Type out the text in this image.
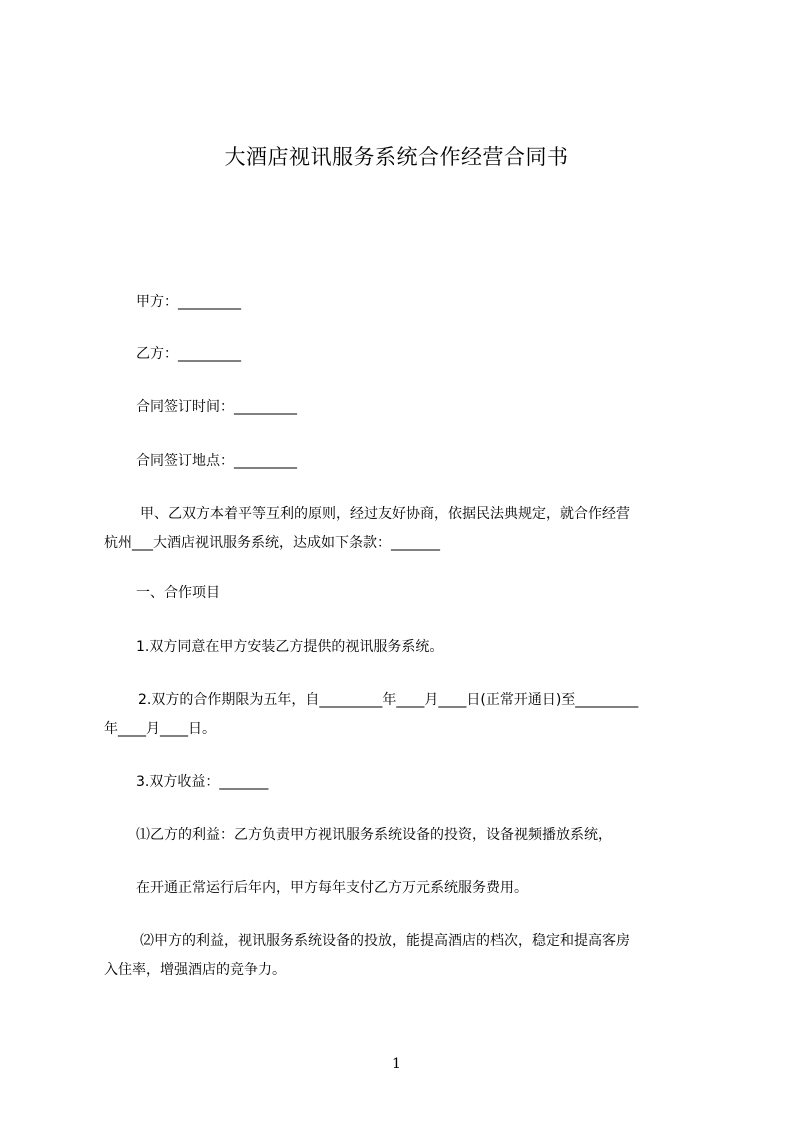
大酒店视讯服务系统合作经营合同书
甲方：_________
乙方：_________
合同签订时间：_________
合同签订地点：_________
甲、乙双方本着平等互利的原则，经过友好协商，依据民法典规定，就合作经营
杭州___大酒店视讯服务系统，达成如下条款：_______
一、合作项目
1.双方同意在甲方安装乙方提供的视讯服务系统。
2.双方的合作期限为五年，自_________年____月____日(正常开通日)至_________
年____月____日。
3.双方收益：_______
⑴乙方的利益：乙方负责甲方视讯服务系统设备的投资，设备视频播放系统，
在开通正常运行后年内，甲方每年支付乙方万元系统服务费用。
⑵甲方的利益，视讯服务系统设备的投放，能提高酒店的档次，稳定和提高客房
入住率，增强酒店的竞争力。
1
